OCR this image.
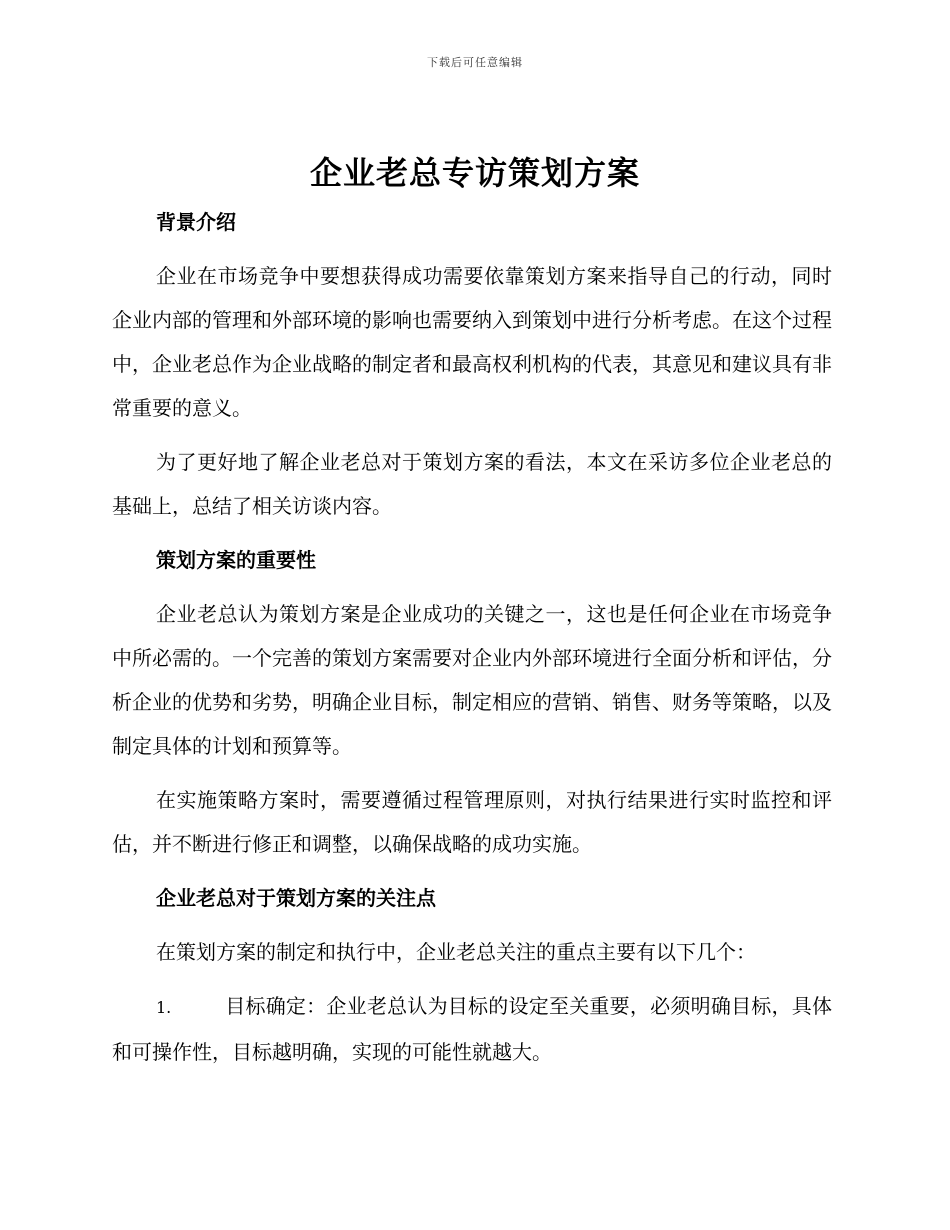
下载后可任意编辑
企业老总专访策划方案

背景介绍

企业在市场竞争中要想获得成功需要依靠策划方案来指导自己的行动，同时企业内部的管理和外部环境的影响也需要纳入到策划中进行分析考虑。在这个过程中，企业老总作为企业战略的制定者和最高权利机构的代表，其意见和建议具有非常重要的意义。

为了更好地了解企业老总对于策划方案的看法，本文在采访多位企业老总的基础上，总结了相关访谈内容。

策划方案的重要性

企业老总认为策划方案是企业成功的关键之一，这也是任何企业在市场竞争中所必需的。一个完善的策划方案需要对企业内外部环境进行全面分析和评估，分析企业的优势和劣势，明确企业目标，制定相应的营销、销售、财务等策略，以及制定具体的计划和预算等。

在实施策略方案时，需要遵循过程管理原则，对执行结果进行实时监控和评估，并不断进行修正和调整，以确保战略的成功实施。

企业老总对于策划方案的关注点

在策划方案的制定和执行中，企业老总关注的重点主要有以下几个：

1.	目标确定：企业老总认为目标的设定至关重要，必须明确目标，具体和可操作性，目标越明确，实现的可能性就越大。
